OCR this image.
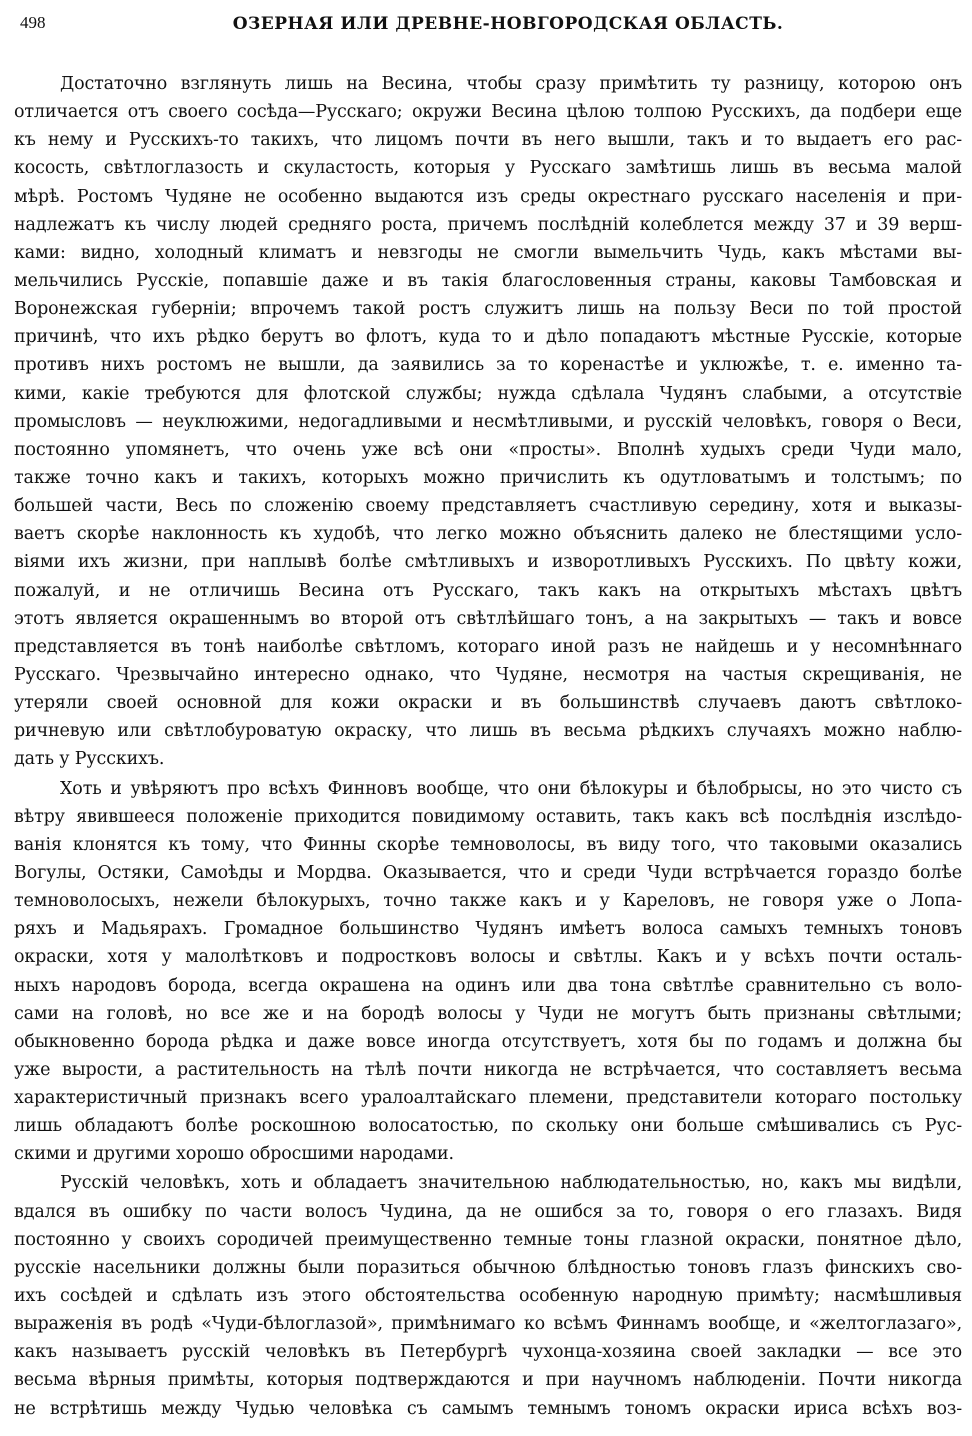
498	ОЗЕРНАЯ ИЛИ ДРЕВНЕ-НОВГОРОДСКАЯ ОБЛАСТЬ.
Достаточно взглянуть лишь на Весина, чтобы сразу примѣтить ту разницу, которою онъ
отличается отъ своего сосѣда—Русскаго; окружи Весина цѣлою толпою Русскихъ, да подбери еще
къ нему и Русскихъ-то такихъ, что лицомъ почти въ него вышли, такъ и то выдаетъ его рас-
косость, свѣтлоглазость и скуластость, которыя у Русскаго замѣтишь лишь въ весьма малой
мѣрѣ. Ростомъ Чудяне не особенно выдаются изъ среды окрестнаго русскаго населенія и при-
надлежатъ къ числу людей средняго роста, причемъ послѣдній колеблется между 37 и 39 верш-
ками: видно, холодный климатъ и невзгоды не смогли вымельчить Чудь, какъ мѣстами вы-
мельчились Русскіе, попавшіе даже и въ такія благословенныя страны, каковы Тамбовская и
Воронежская губерніи; впрочемъ такой ростъ служитъ лишь на пользу Веси по той простой
причинѣ, что ихъ рѣдко берутъ во флотъ, куда то и дѣло попадаютъ мѣстные Русскіе, которые
противъ нихъ ростомъ не вышли, да заявились за то коренастѣе и уклюжѣе, т. е. именно та-
кими, какіе требуются для флотской службы; нужда сдѣлала Чудянъ слабыми, а отсутствіе
промысловъ — неуклюжими, недогадливыми и несмѣтливыми, и русскій человѣкъ, говоря о Веси,
постоянно упомянетъ, что очень уже всѣ они «просты». Вполнѣ худыхъ среди Чуди мало,
также точно какъ и такихъ, которыхъ можно причислить къ одутловатымъ и толстымъ; по
большей части, Весь по сложенію своему представляетъ счастливую середину, хотя и выказы-
ваетъ скорѣе наклонность къ худобѣ, что легко можно объяснить далеко не блестящими усло-
віями ихъ жизни, при наплывѣ болѣе смѣтливыхъ и изворотливыхъ Русскихъ. По цвѣту кожи,
пожалуй, и не отличишь Весина отъ Русскаго, такъ какъ на открытыхъ мѣстахъ цвѣтъ
этотъ является окрашеннымъ во второй отъ свѣтлѣйшаго тонъ, а на закрытыхъ — такъ и вовсе
представляется въ тонѣ наиболѣе свѣтломъ, котораго иной разъ не найдешь и у несомнѣннаго
Русскаго. Чрезвычайно интересно однако, что Чудяне, несмотря на частыя скрещиванія, не
утеряли своей основной для кожи окраски и въ большинствѣ случаевъ даютъ свѣтлоко-
ричневую или свѣтлобуроватую окраску, что лишь въ весьма рѣдкихъ случаяхъ можно наблю-
дать у Русскихъ.
Хоть и увѣряютъ про всѣхъ Финновъ вообще, что они бѣлокуры и бѣлобрысы, но это чисто съ
вѣтру явившееся положеніе приходится повидимому оставить, такъ какъ всѣ послѣднія изслѣдо-
ванія клонятся къ тому, что Финны скорѣе темноволосы, въ виду того, что таковыми оказались
Вогулы, Остяки, Самоѣды и Мордва. Оказывается, что и среди Чуди встрѣчается гораздо болѣе
темноволосыхъ, нежели бѣлокурыхъ, точно также какъ и у Кареловъ, не говоря уже о Лопа-
ряхъ и Мадьярахъ. Громадное большинство Чудянъ имѣетъ волоса самыхъ темныхъ тоновъ
окраски, хотя у малолѣтковъ и подростковъ волосы и свѣтлы. Какъ и у всѣхъ почти осталь-
ныхъ народовъ борода, всегда окрашена на одинъ или два тона свѣтлѣе сравнительно съ воло-
сами на головѣ, но все же и на бородѣ волосы у Чуди не могутъ быть признаны свѣтлыми;
обыкновенно борода рѣдка и даже вовсе иногда отсутствуетъ, хотя бы по годамъ и должна бы
уже вырости, а растительность на тѣлѣ почти никогда не встрѣчается, что составляетъ весьма
характеристичный признакъ всего уралоалтайскаго племени, представители котораго постольку
лишь обладаютъ болѣе роскошною волосатостью, по скольку они больше смѣшивались съ Рус-
скими и другими хорошо обросшими народами.
Русскій человѣкъ, хоть и обладаетъ значительною наблюдательностью, но, какъ мы видѣли,
вдался въ ошибку по части волосъ Чудина, да не ошибся за то, говоря о его глазахъ. Видя
постоянно у своихъ сородичей преимущественно темные тоны глазной окраски, понятное дѣло,
русскіе насельники должны были поразиться обычною блѣдностью тоновъ глазъ финскихъ сво-
ихъ сосѣдей и сдѣлать изъ этого обстоятельства особенную народную примѣту; насмѣшливыя
выраженія въ родѣ «Чуди-бѣлоглазой», примѣнимаго ко всѣмъ Финнамъ вообще, и «желтоглазаго»,
какъ называетъ русскій человѣкъ въ Петербургѣ чухонца-хозяина своей закладки — все это
весьма вѣрныя примѣты, которыя подтверждаются и при научномъ наблюденіи. Почти никогда
не встрѣтишь между Чудью человѣка съ самымъ темнымъ тономъ окраски ириса всѣхъ воз-
